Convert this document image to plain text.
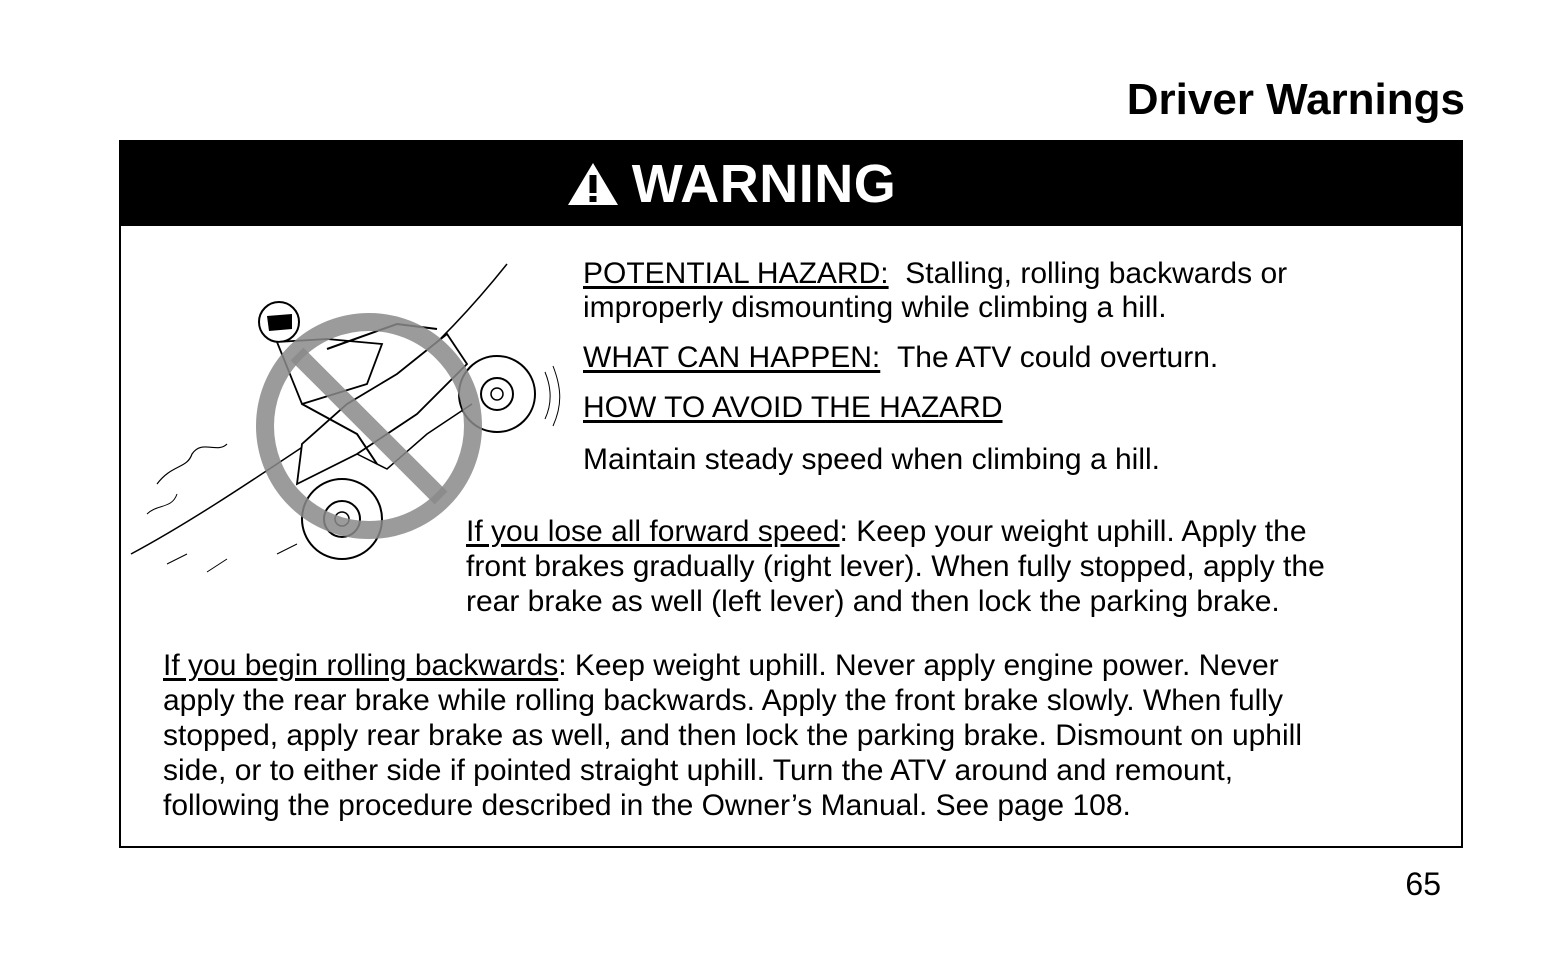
Driver Warnings
WARNING
POTENTIAL HAZARD: Stalling, rolling backwards or
improperly dismounting while climbing a hill.
WHAT CAN HAPPEN: The ATV could overturn.
HOW TO AVOID THE HAZARD
Maintain steady speed when climbing a hill.
If you lose all forward speed: Keep your weight uphill. Apply the
front brakes gradually (right lever). When fully stopped, apply the
rear brake as well (left lever) and then lock the parking brake.
If you begin rolling backwards: Keep weight uphill. Never apply engine power. Never
apply the rear brake while rolling backwards. Apply the front brake slowly. When fully
stopped, apply rear brake as well, and then lock the parking brake. Dismount on uphill
side, or to either side if pointed straight uphill. Turn the ATV around and remount,
following the procedure described in the Owner’s Manual. See page 108.
65
